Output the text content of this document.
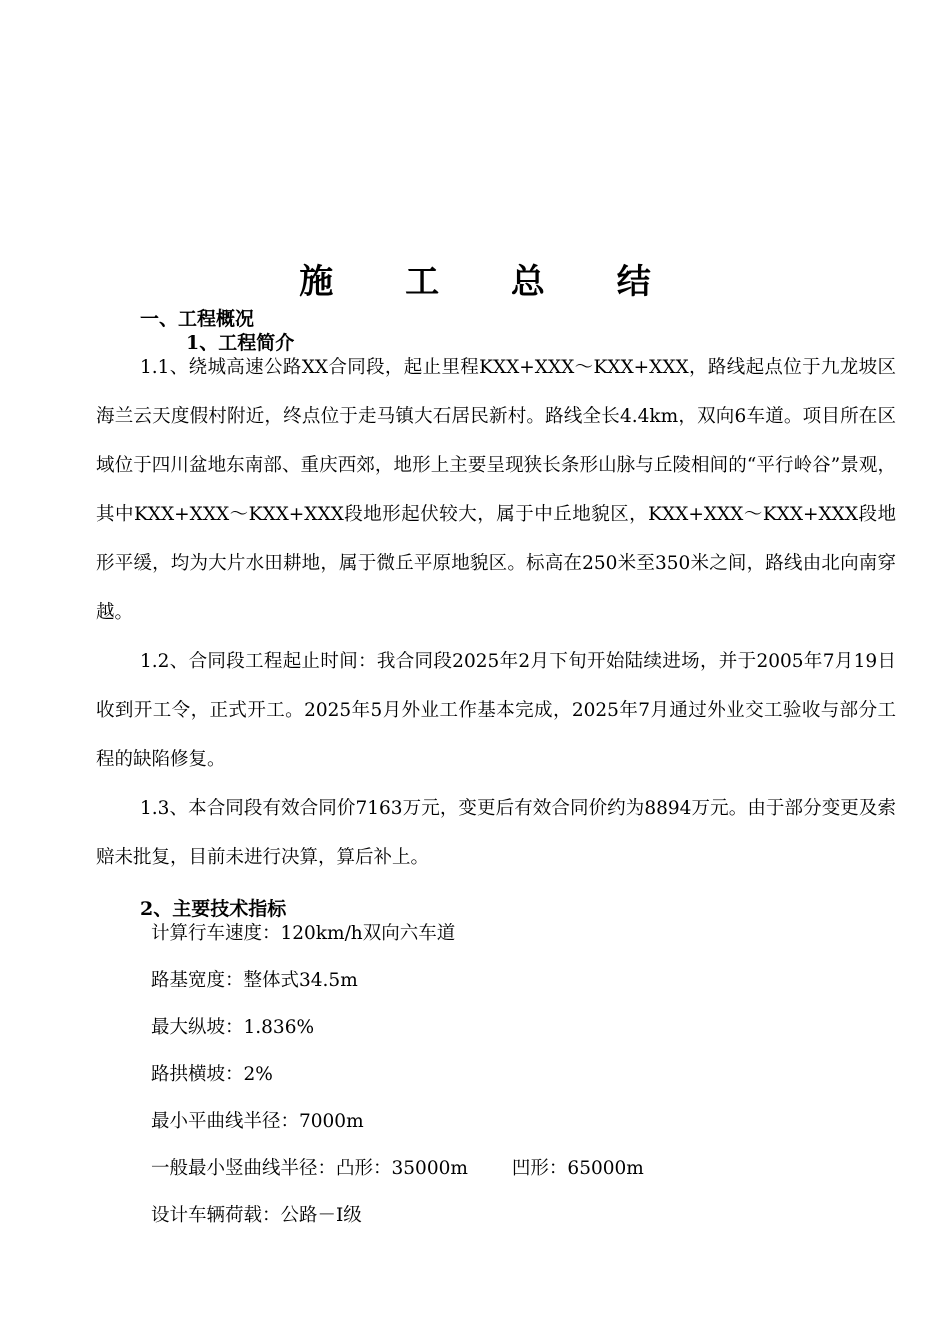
施 工 总 结
一、工程概况
1、工程简介

1.1、绕城高速公路XX合同段，起止里程KXX+XXX～KXX+XXX，路线起点位于九龙坡区海兰云天度假村附近，终点位于走马镇大石居民新村。路线全长4.4km，双向6车道。项目所在区域位于四川盆地东南部、重庆西郊，地形上主要呈现狭长条形山脉与丘陵相间的“平行岭谷”景观，其中KXX+XXX～KXX+XXX段地形起伏较大，属于中丘地貌区，KXX+XXX～KXX+XXX段地形平缓，均为大片水田耕地，属于微丘平原地貌区。标高在250米至350米之间，路线由北向南穿越。

1.2、合同段工程起止时间：我合同段2025年2月下旬开始陆续进场，并于2005年7月19日收到开工令，正式开工。2025年5月外业工作基本完成，2025年7月通过外业交工验收与部分工程的缺陷修复。

1.3、本合同段有效合同价7163万元，变更后有效合同价约为8894万元。由于部分变更及索赔未批复，目前未进行决算，算后补上。

2、主要技术指标
计算行车速度：120km/h双向六车道
路基宽度：整体式34.5m
最大纵坡：1.836%
路拱横坡：2%
最小平曲线半径：7000m
一般最小竖曲线半径：凸形：35000m 凹形：65000m
设计车辆荷载：公路－I级
